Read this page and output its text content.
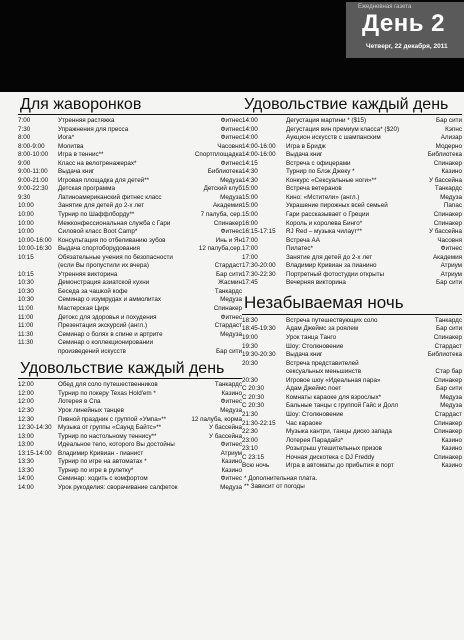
Ежедневная газета
День 2
Четверг, 22 декабря, 2011
Для жаворонков
7:00	Утренняя растяжка	Фитнес
7:30	Упражнения для пресса	Фитнес
8:00	Йога*	Фитнес
8:00-9:00	Молитва	Часовня
8:00-10:00	Игра в теннис**	Спортплощадка
9:00	Класс на велотренажерах*	Фитнес
9:00-11:00	Выдача книг	Библиотека
9:00-21:00	Игровая площадка для детей**	Медуза
9:00-22:30	Детская программа	Детский клуб
9:30	Латиноамериканский фитнес класс	Медуза
10:00	Занятие для детей до 2-х лет	Академия
10:00	Турнир по Шаффлборду**	7 палуба, сер.
10:00	Межконфессиональная служба с Гари	Спинакер
10:00	Силовой класс Boot Camp*	Фитнес
10:00-16:00	Консультация по отбеливанию зубов	Инь и Ян
10:00-16:30	Выдача спортоборудования	12 палуба,сер.
10:15	Обязательные учения по безопасности
(если Вы пропустили их вчера)	Стардаст
10:15	Утренняя викторина	Бар сити
10:30	Демонстрация азиатской кухни	Жасмин
10:30	Беседа за чашкой кофе	Танкардс
10:30	Семинар о изумрудах и аммолитах	Медуза
11:00	Мастерская Цирк	Спинакер
11:00	Детокс для здоровья и похудения	Фитнес
11:00	Презентация экскурсий (англ.)	Стардаст
11:30	Семинар о болях в спине и артрите	Медуза
11:30	Семинар о коллекционировании
произведений искусств	Бар сити
Удовольствие каждый день
12:00	Обед для соло путешественников	Танкардс
12:00	Турнир по покеру Texas Hold'em *	Казино
12:00	Лотерея в Спа	Фитнес
12:30	Урок линейных танцев	Медуза
12:30	Пивной праздник с группой «Умпа»**	12 палуба, корма
12:30-14:30	Музыка от группы «Саунд Байтс»**	У бассейна
13:00	Турнир по настольному теннису**	У бассейна
13:00	Идеальное тело, которого Вы достойны	Фитнес
13:15-14:00	Владимир Кривиан - пианист	Атриум
13:30	Турнир по игре на автоматах *	Казино
13:30	Турнир по игре в рулетку*	Казино
14:00	Семинар: ходить с комфортом	Фитнес
14:00	Урок рукоделия: сворачивание салфеток	Медуза
Удовольствие каждый день
14:00	Дегустация мартини * ($15)	Бар сити
14:00	Дегустация вин премиум класса* ($20)	Кэпнс
14:00	Аукцион искусств с шампанским	Ализар
14:00-16:00	Игра в Бридж	Модерно
14:00-16:00	Выдача книг	Библиотека
14:15	Встреча с офицерами	Спинакер
14:30	Турнир по Блэк Джеку *	Казино
14:30	Конкурс «Сексуальные ноги»**	У бассейна
15:00	Встреча ветеранов	Танкардс
15:00	Кино: «Мстители» (англ.)	Медуза
15:00	Украшение пирожных всей семьей	Папас
15:00	Гари рассказывает о Греции	Спинакер
16:00	Король и королева Бинго*	Спинакер
16:15-17:15	RJ Red – музыка чилаут**	У бассейна
17:00	Встреча АА	Часовня
17:00	Пилатес*	Фитнес
17:00	Занятие для детей до 2-х лет	Академия
17:30-20:00	Владимир Кривиан за пианино	Атриум
17:30-22:30	Портретный фотостудии открыты	Атриум
17:45	Вечерняя викторина	Бар сити
Незабываемая ночь
18:30	Встреча путешествующих соло	Танкардс
18:45-19:30	Адам Джеймс за роялем	Бар сити
19:00	Урок танца Танго	Спинакер
19:30	Шоу: Столкновение	Стардаст
19:30-20:30	Выдача книг	Библиотека
20:30	Встреча представителей
сексуальных меньшинств	Стар бар
20:30	Игровое шоу «Идеальная пара»	Спинакер
С 20:30	Адам Джеймс поет	Бар сити
С 20:30	Комнаты караоке для взрослых*	Медуза
С 20:30	Бальные танцы с группой Гайс и Долл	Медуза
21:30	Шоу: Столкновение	Стардаст
21:30-22:15	Час караоке	Спинакер
22:30	Музыка кантри, танцы диско запада	Спинакер
23:00	Лотерея Парадайз*	Казино
23:10	Розыгрыш утешительных призов	Казино
С 23:15	Ночная дискотека с DJ Freddy	Спинакер
Всю ночь	Игра в автоматы до прибытия в порт	Казино
* Дополнительная плата.
** Зависит от погоды
